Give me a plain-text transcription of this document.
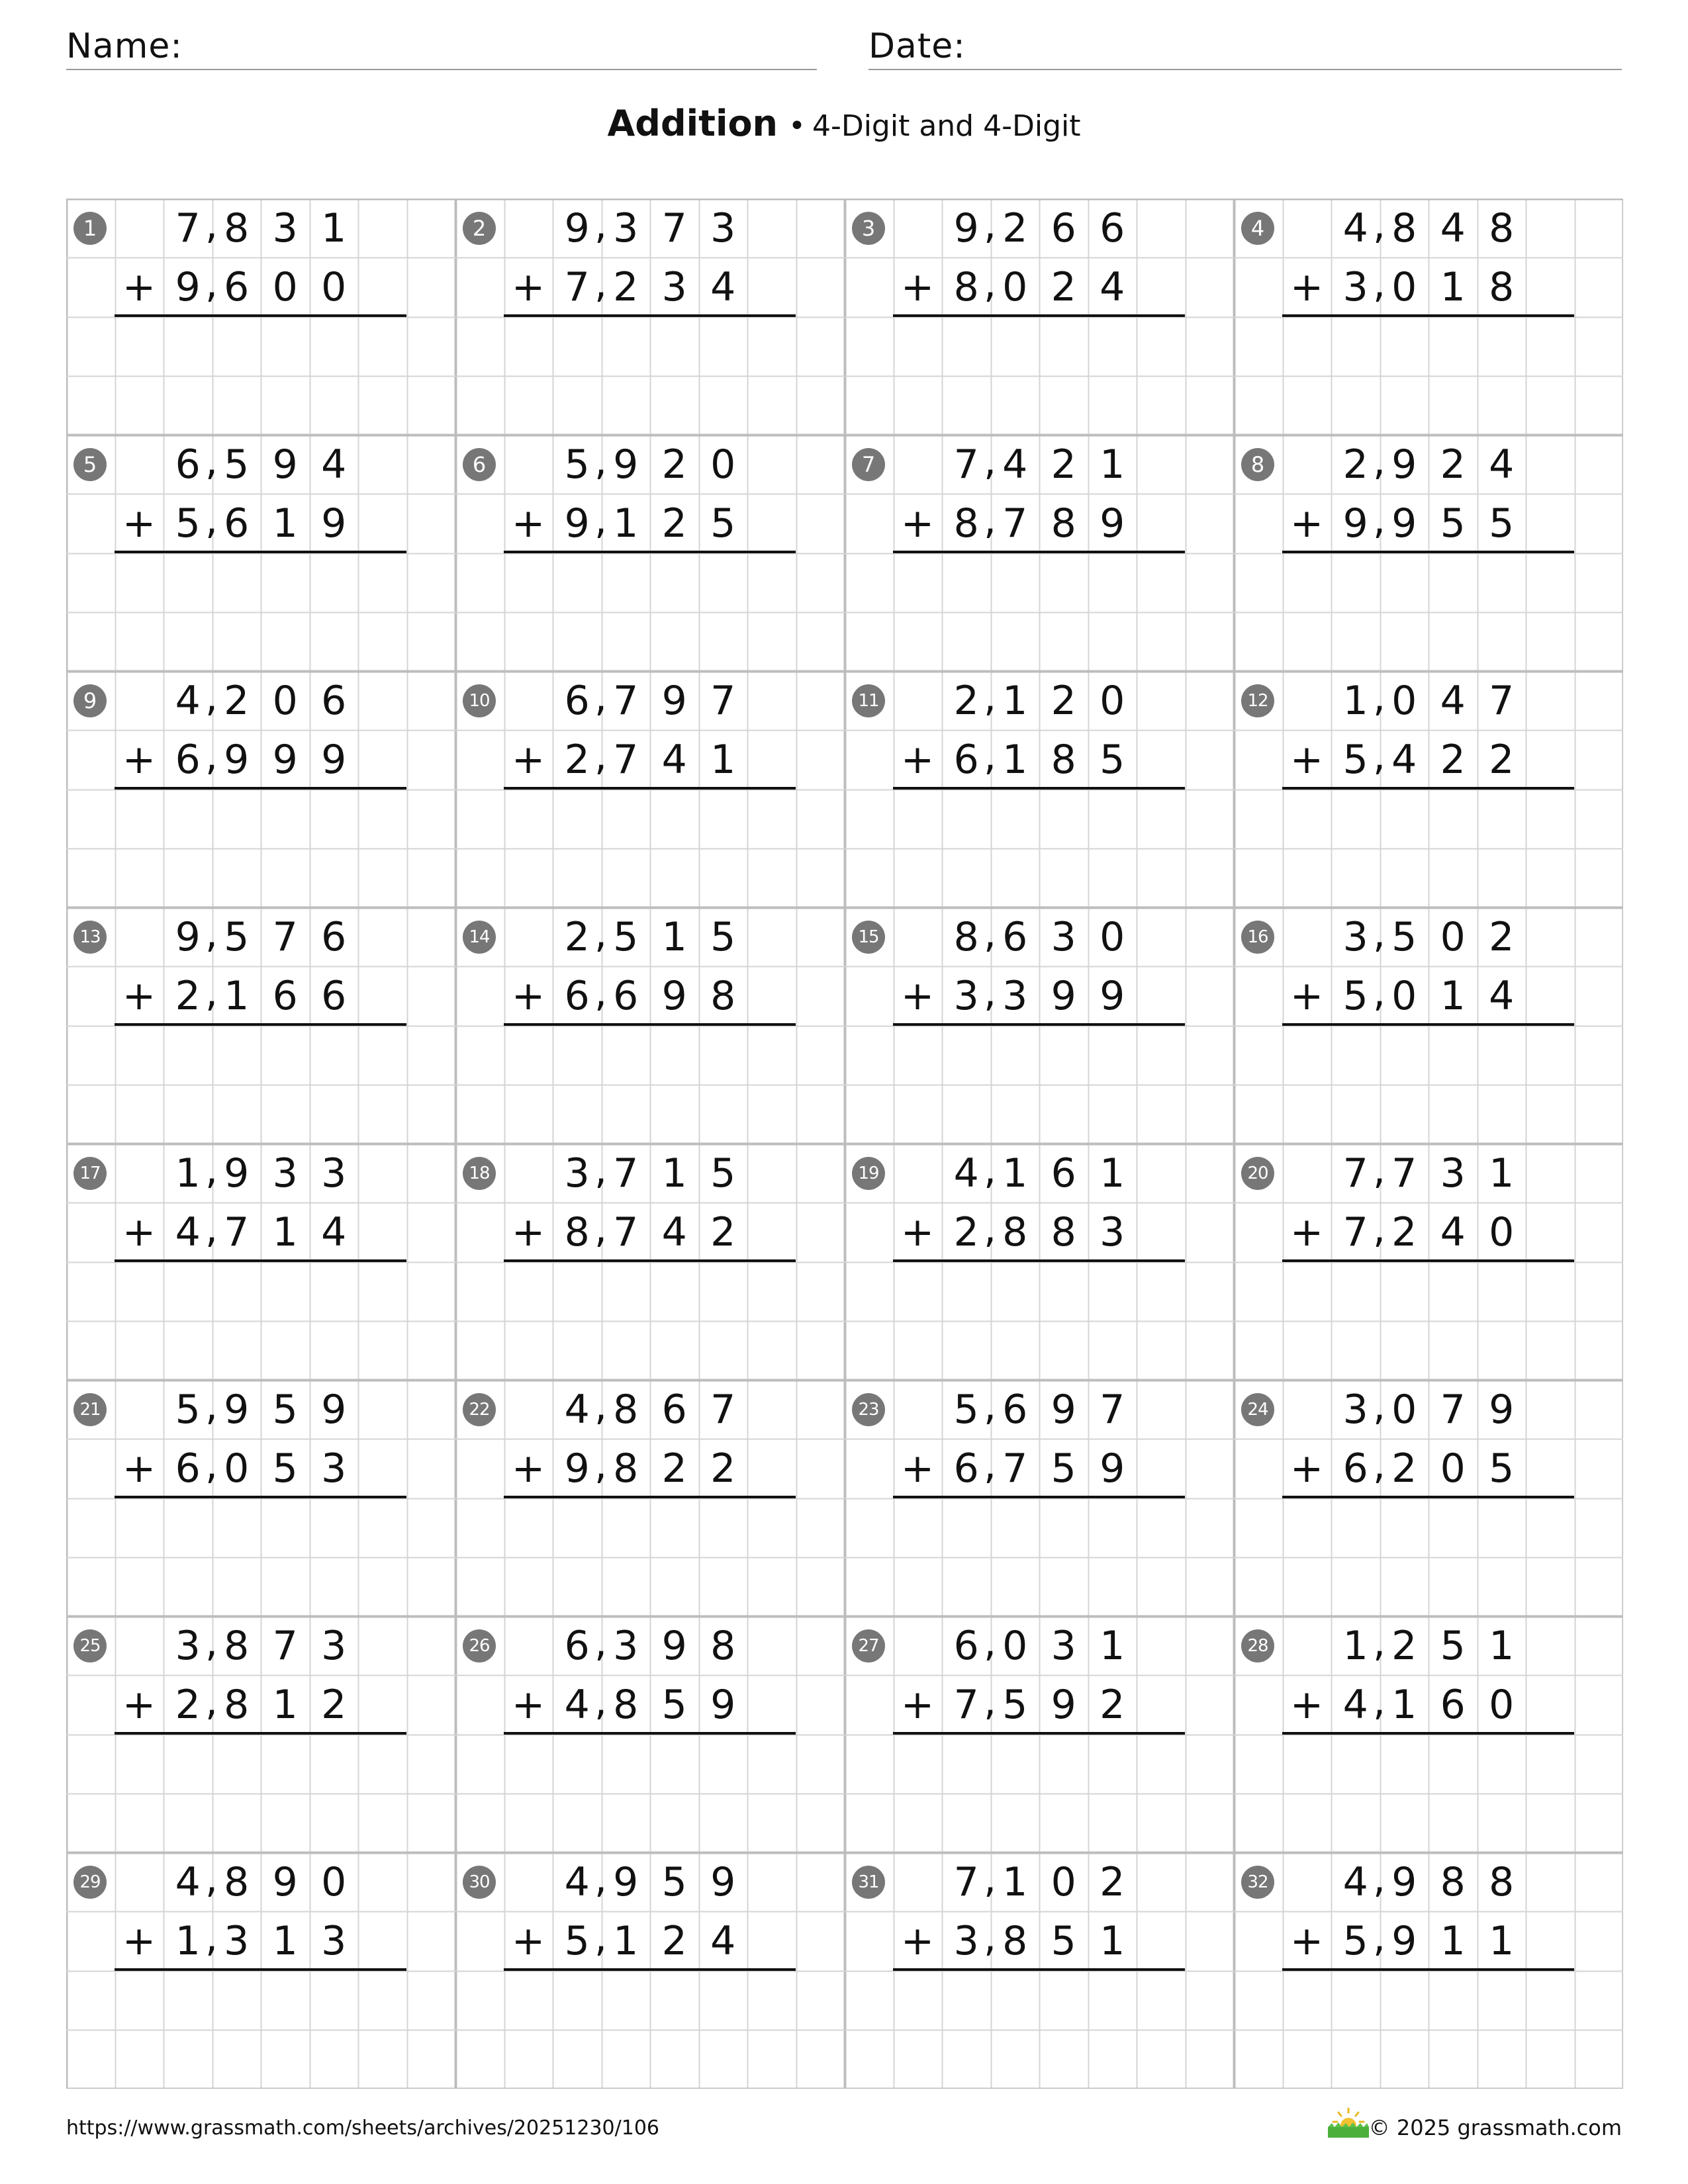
Name:	Date:
Addition • 4-Digit and 4-Digit
1 7 , 8 3 1
+ 9 , 6 0 0
2 9 , 3 7 3
+ 7 , 2 3 4
3 9 , 2 6 6
+ 8 , 0 2 4
4 4 , 8 4 8
+ 3 , 0 1 8
5 6 , 5 9 4
+ 5 , 6 1 9
6 5 , 9 2 0
+ 9 , 1 2 5
7 7 , 4 2 1
+ 8 , 7 8 9
8 2 , 9 2 4
+ 9 , 9 5 5
9 4 , 2 0 6
+ 6 , 9 9 9
10 6 , 7 9 7
+ 2 , 7 4 1
11 2 , 1 2 0
+ 6 , 1 8 5
12 1 , 0 4 7
+ 5 , 4 2 2
13 9 , 5 7 6
+ 2 , 1 6 6
14 2 , 5 1 5
+ 6 , 6 9 8
15 8 , 6 3 0
+ 3 , 3 9 9
16 3 , 5 0 2
+ 5 , 0 1 4
17 1 , 9 3 3
+ 4 , 7 1 4
18 3 , 7 1 5
+ 8 , 7 4 2
19 4 , 1 6 1
+ 2 , 8 8 3
20 7 , 7 3 1
+ 7 , 2 4 0
21 5 , 9 5 9
+ 6 , 0 5 3
22 4 , 8 6 7
+ 9 , 8 2 2
23 5 , 6 9 7
+ 6 , 7 5 9
24 3 , 0 7 9
+ 6 , 2 0 5
25 3 , 8 7 3
+ 2 , 8 1 2
26 6 , 3 9 8
+ 4 , 8 5 9
27 6 , 0 3 1
+ 7 , 5 9 2
28 1 , 2 5 1
+ 4 , 1 6 0
29 4 , 8 9 0
+ 1 , 3 1 3
30 4 , 9 5 9
+ 5 , 1 2 4
31 7 , 1 0 2
+ 3 , 8 5 1
32 4 , 9 8 8
+ 5 , 9 1 1
https://www.grassmath.com/sheets/archives/20251230/106	© 2025 grassmath.com
